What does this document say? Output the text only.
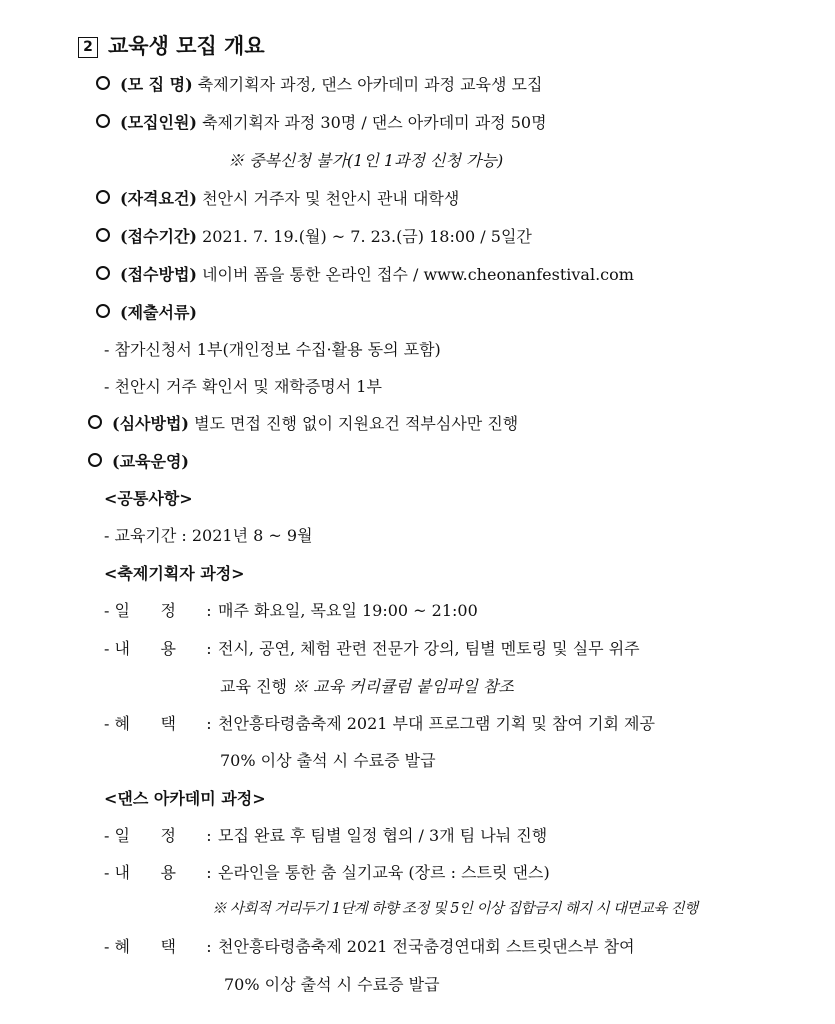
2 교육생 모집 개요
(모 집 명) 축제기획자 과정, 댄스 아카데미 과정 교육생 모집
(모집인원) 축제기획자 과정 30명 / 댄스 아카데미 과정 50명
※ 중복신청 불가(1인 1과정 신청 가능)
(자격요건) 천안시 거주자 및 천안시 관내 대학생
(접수기간) 2021. 7. 19.(월) ~ 7. 23.(금) 18:00 / 5일간
(접수방법) 네이버 폼을 통한 온라인 접수 / www.cheonanfestival.com
(제출서류)
- 참가신청서 1부(개인정보 수집·활용 동의 포함)
- 천안시 거주 확인서 및 재학증명서 1부
(심사방법) 별도 면접 진행 없이 지원요건 적부심사만 진행
(교육운영)
<공통사항>
- 교육기간 : 2021년 8 ~ 9월
<축제기획자 과정>
- 일      정 : 매주 화요일, 목요일 19:00 ~ 21:00
- 내      용 : 전시, 공연, 체험 관련 전문가 강의, 팀별 멘토링 및 실무 위주
교육 진행 ※ 교육 커리큘럼 붙임파일 참조
- 혜      택 : 천안흥타령춤축제 2021 부대 프로그램 기획 및 참여 기회 제공
70% 이상 출석 시 수료증 발급
<댄스 아카데미 과정>
- 일      정 : 모집 완료 후 팀별 일정 협의 / 3개 팀 나눠 진행
- 내      용 : 온라인을 통한 춤 실기교육 (장르 : 스트릿 댄스)
※ 사회적 거리두기 1단계 하향 조정 및 5인 이상 집합금지 해지 시 대면교육 진행
- 혜      택 : 천안흥타령춤축제 2021 전국춤경연대회 스트릿댄스부 참여
70% 이상 출석 시 수료증 발급
